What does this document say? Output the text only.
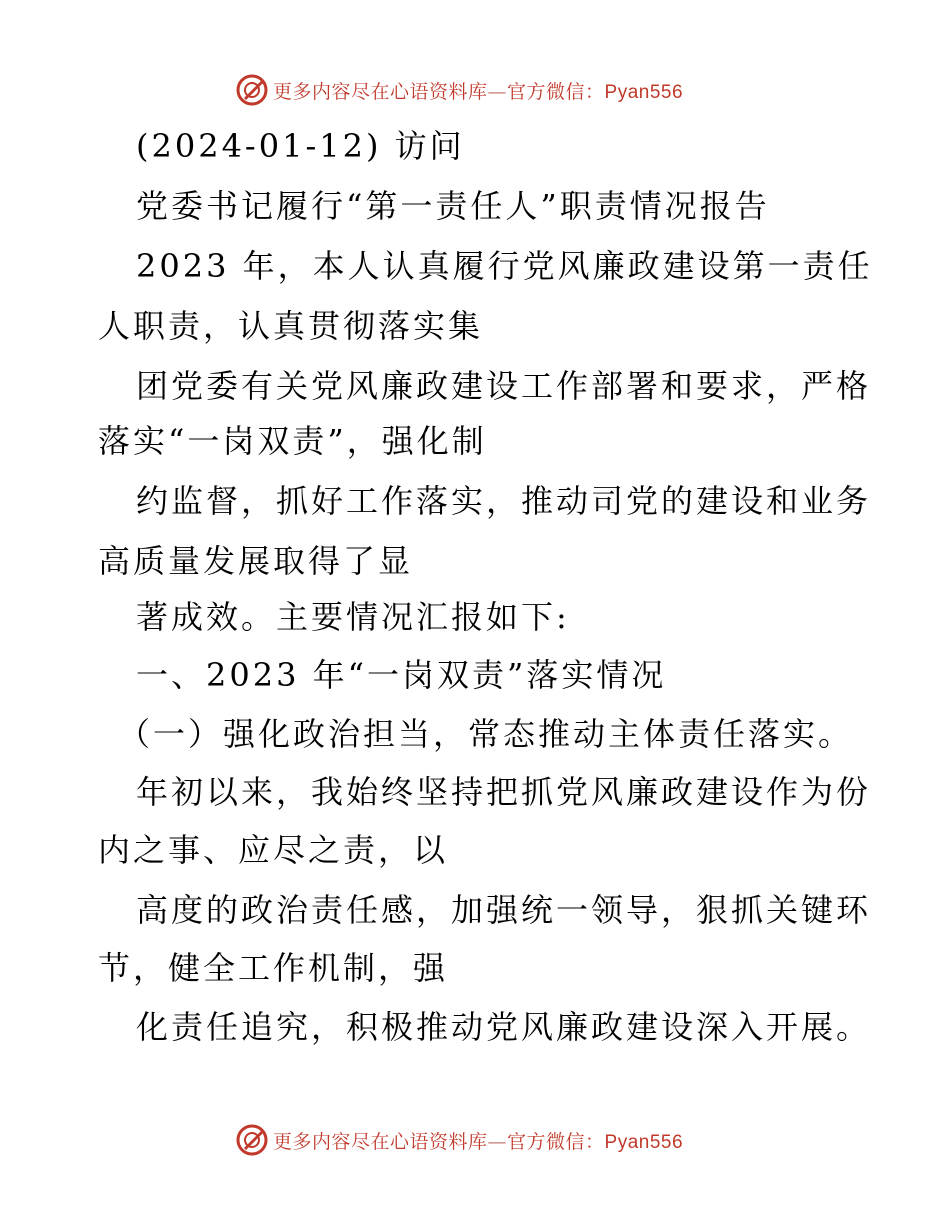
更多内容尽在心语资料库—官方微信：Pyan556
(2024-01-12) 访问
党委书记履行“第一责任人”职责情况报告
2023 年，本人认真履行党风廉政建设第一责任
人职责，认真贯彻落实集
团党委有关党风廉政建设工作部署和要求，严格
落实“一岗双责”，强化制
约监督，抓好工作落实，推动司党的建设和业务
高质量发展取得了显
著成效。主要情况汇报如下:
一、2023 年“一岗双责”落实情况
（一）强化政治担当，常态推动主体责任落实。
年初以来，我始终坚持把抓党风廉政建设作为份
内之事、应尽之责，以
高度的政治责任感，加强统一领导，狠抓关键环
节，健全工作机制，强
化责任追究，积极推动党风廉政建设深入开展。
更多内容尽在心语资料库—官方微信：Pyan556
